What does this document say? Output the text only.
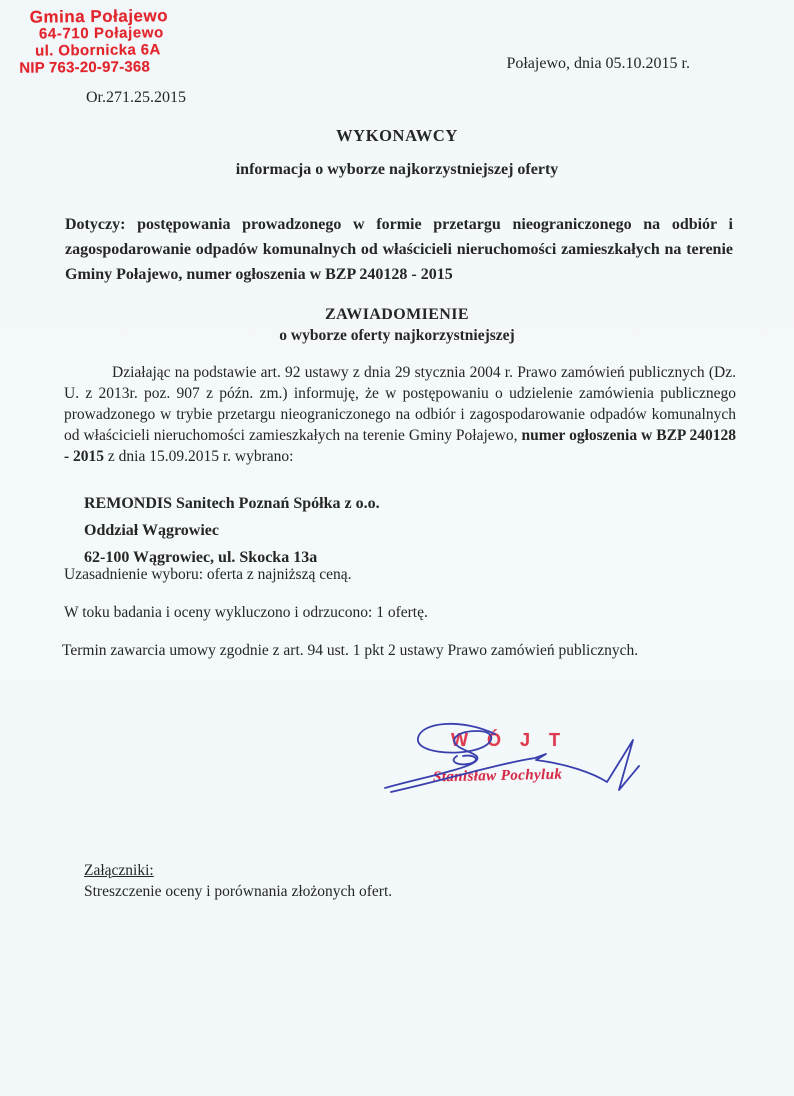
Gmina Połajewo
64-710 Połajewo
ul. Obornicka 6A
NIP 763-20-97-368	Połajewo, dnia 05.10.2015 r.
Or.271.25.2015
WYKONAWCY
informacja o wyborze najkorzystniejszej oferty

Dotyczy: postępowania prowadzonego w formie przetargu nieograniczonego na odbiór i zagospodarowanie odpadów komunalnych od właścicieli nieruchomości zamieszkałych na terenie Gminy Połajewo, numer ogłoszenia w BZP 240128 - 2015

ZAWIADOMIENIE
o wyborze oferty najkorzystniejszej

Działając na podstawie art. 92 ustawy z dnia 29 stycznia 2004 r. Prawo zamówień publicznych (Dz. U. z 2013r. poz. 907 z późn. zm.) informuję, że w postępowaniu o udzielenie zamówienia publicznego prowadzonego w trybie przetargu nieograniczonego na odbiór i zagospodarowanie odpadów komunalnych od właścicieli nieruchomości zamieszkałych na terenie Gminy Połajewo, numer ogłoszenia w BZP 240128 - 2015 z dnia 15.09.2015 r. wybrano:

REMONDIS Sanitech Poznań Spółka z o.o.
Oddział Wągrowiec
62-100 Wągrowiec, ul. Skocka 13a

Uzasadnienie wyboru: oferta z najniższą ceną.

W toku badania i oceny wykluczono i odrzucono: 1 ofertę.

Termin zawarcia umowy zgodnie z art. 94 ust. 1 pkt 2 ustawy Prawo zamówień publicznych.

W Ó J T
Stanisław Pochyluk
Załączniki:
Streszczenie oceny i porównania złożonych ofert.
